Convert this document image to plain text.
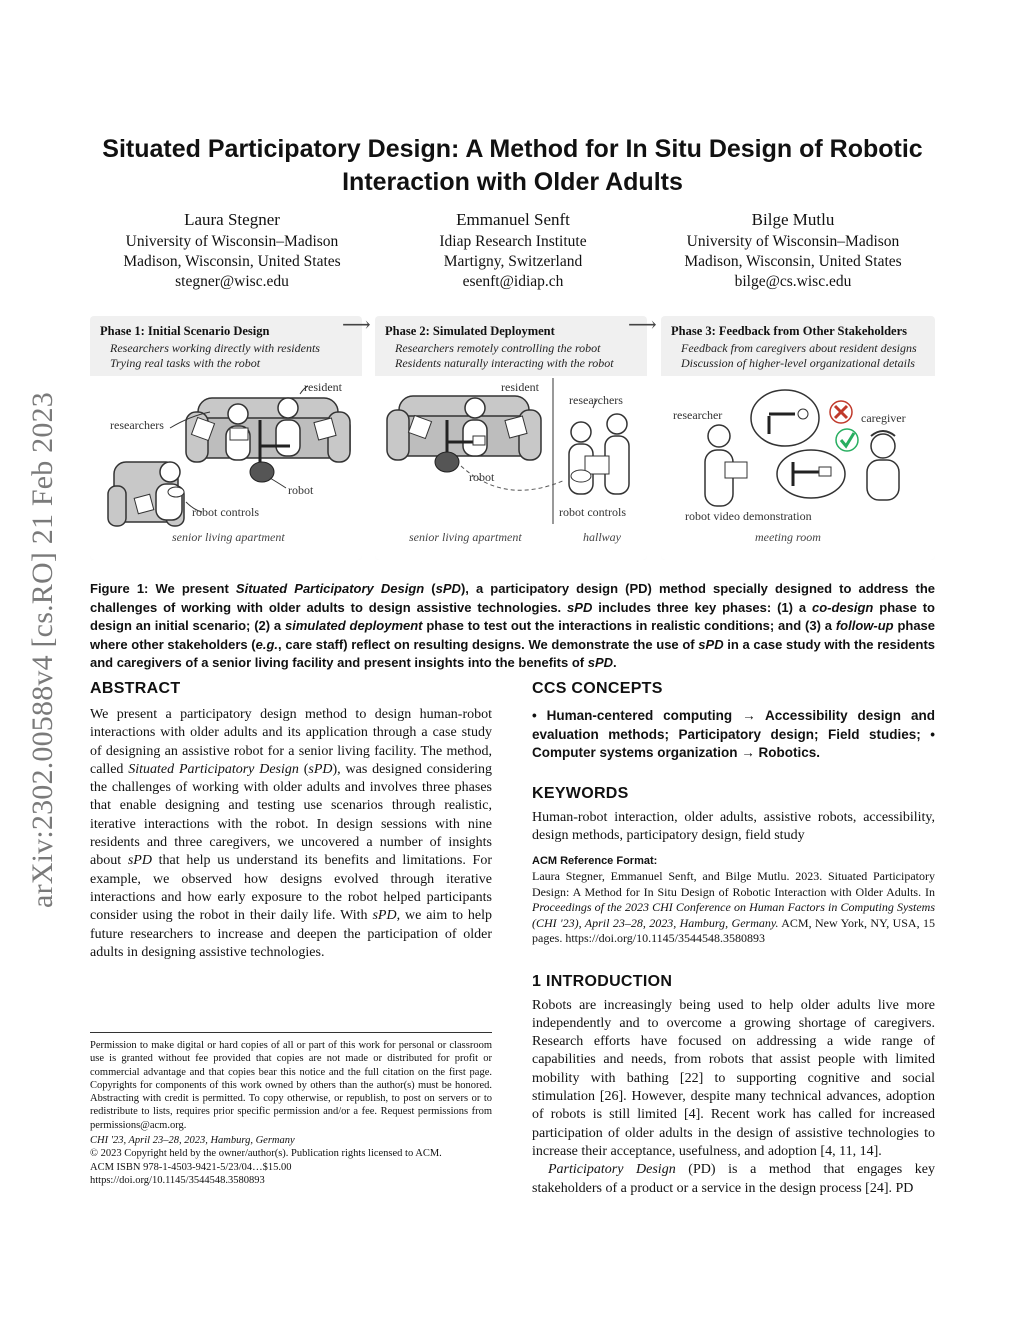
arXiv:2302.00588v4 [cs.RO] 21 Feb 2023
Situated Participatory Design: A Method for In Situ Design of Robotic Interaction with Older Adults
Laura Stegner
University of Wisconsin–Madison
Madison, Wisconsin, United States
stegner@wisc.edu
Emmanuel Senft
Idiap Research Institute
Martigny, Switzerland
esenft@idiap.ch
Bilge Mutlu
University of Wisconsin–Madison
Madison, Wisconsin, United States
bilge@cs.wisc.edu
Phase 1: Initial Scenario Design
Researchers working directly with residents
Trying real tasks with the robot
resident
researchers
robot
robot controls
senior living apartment
⟶ Phase 2: Simulated Deployment
Researchers remotely controlling the robot
Residents naturally interacting with the robot
resident
researchers
robot
robot controls
senior living apartment	hallway
⟶ Phase 3: Feedback from Other Stakeholders
Feedback from caregivers about resident designs
Discussion of higher-level organizational details
researcher	caregiver
robot video demonstration
meeting room
Figure 1: We present Situated Participatory Design (sPD), a participatory design (PD) method specially designed to address the challenges of working with older adults to design assistive technologies. sPD includes three key phases: (1) a co-design phase to design an initial scenario; (2) a simulated deployment phase to test out the interactions in realistic conditions; and (3) a follow-up phase where other stakeholders (e.g., care staff) reflect on resulting designs. We demonstrate the use of sPD in a case study with the residents and caregivers of a senior living facility and present insights into the benefits of sPD.
ABSTRACT

We present a participatory design method to design human-robot interactions with older adults and its application through a case study of designing an assistive robot for a senior living facility. The method, called Situated Participatory Design (sPD), was designed considering the challenges of working with older adults and involves three phases that enable designing and testing use scenarios through realistic, iterative interactions with the robot. In design sessions with nine residents and three caregivers, we uncovered a number of insights about sPD that help us understand its benefits and limitations. For example, we observed how designs evolved through iterative interactions and how early exposure to the robot helped participants consider using the robot in their daily life. With sPD, we aim to help future researchers to increase and deepen the participation of older adults in designing assistive technologies.

Permission to make digital or hard copies of all or part of this work for personal or classroom use is granted without fee provided that copies are not made or distributed for profit or commercial advantage and that copies bear this notice and the full citation on the first page. Copyrights for components of this work owned by others than the author(s) must be honored. Abstracting with credit is permitted. To copy otherwise, or republish, to post on servers or to redistribute to lists, requires prior specific permission and/or a fee. Request permissions from permissions@acm.org.
CHI '23, April 23–28, 2023, Hamburg, Germany
© 2023 Copyright held by the owner/author(s). Publication rights licensed to ACM.
ACM ISBN 978-1-4503-9421-5/23/04…$15.00
https://doi.org/10.1145/3544548.3580893
CCS CONCEPTS
• Human-centered computing → Accessibility design and evaluation methods; Participatory design; Field studies; • Computer systems organization → Robotics.
KEYWORDS

Human-robot interaction, older adults, assistive robots, accessibility, design methods, participatory design, field study

ACM Reference Format:
Laura Stegner, Emmanuel Senft, and Bilge Mutlu. 2023. Situated Participatory Design: A Method for In Situ Design of Robotic Interaction with Older Adults. In Proceedings of the 2023 CHI Conference on Human Factors in Computing Systems (CHI '23), April 23–28, 2023, Hamburg, Germany. ACM, New York, NY, USA, 15 pages. https://doi.org/10.1145/3544548.3580893
1 INTRODUCTION

Robots are increasingly being used to help older adults live more independently and to overcome a growing shortage of caregivers. Research efforts have focused on addressing a wide range of capabilities and needs, from robots that assist people with limited mobility with bathing [22] to supporting cognitive and social stimulation [26]. However, despite many technical advances, adoption of robots is still limited [4]. Recent work has called for increased participation of older adults in the design of assistive technologies to increase their acceptance, usefulness, and adoption [4, 11, 14].

Participatory Design (PD) is a method that engages key stakeholders of a product or a service in the design process [24]. PD
